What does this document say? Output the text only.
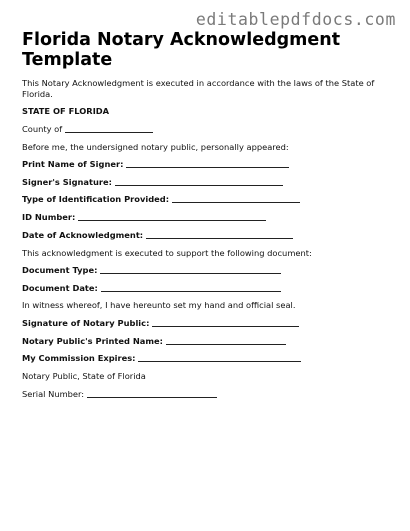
editablepdfdocs.com
Florida Notary Acknowledgment Template

This Notary Acknowledgment is executed in accordance with the laws of the State of Florida.

STATE OF FLORIDA
County of
Before me, the undersigned notary public, personally appeared:
Print Name of Signer:
Signer's Signature:
Type of Identification Provided:
ID Number:
Date of Acknowledgment:
This acknowledgment is executed to support the following document:
Document Type:
Document Date:
In witness whereof, I have hereunto set my hand and official seal.
Signature of Notary Public:
Notary Public's Printed Name:
My Commission Expires:
Notary Public, State of Florida
Serial Number:
